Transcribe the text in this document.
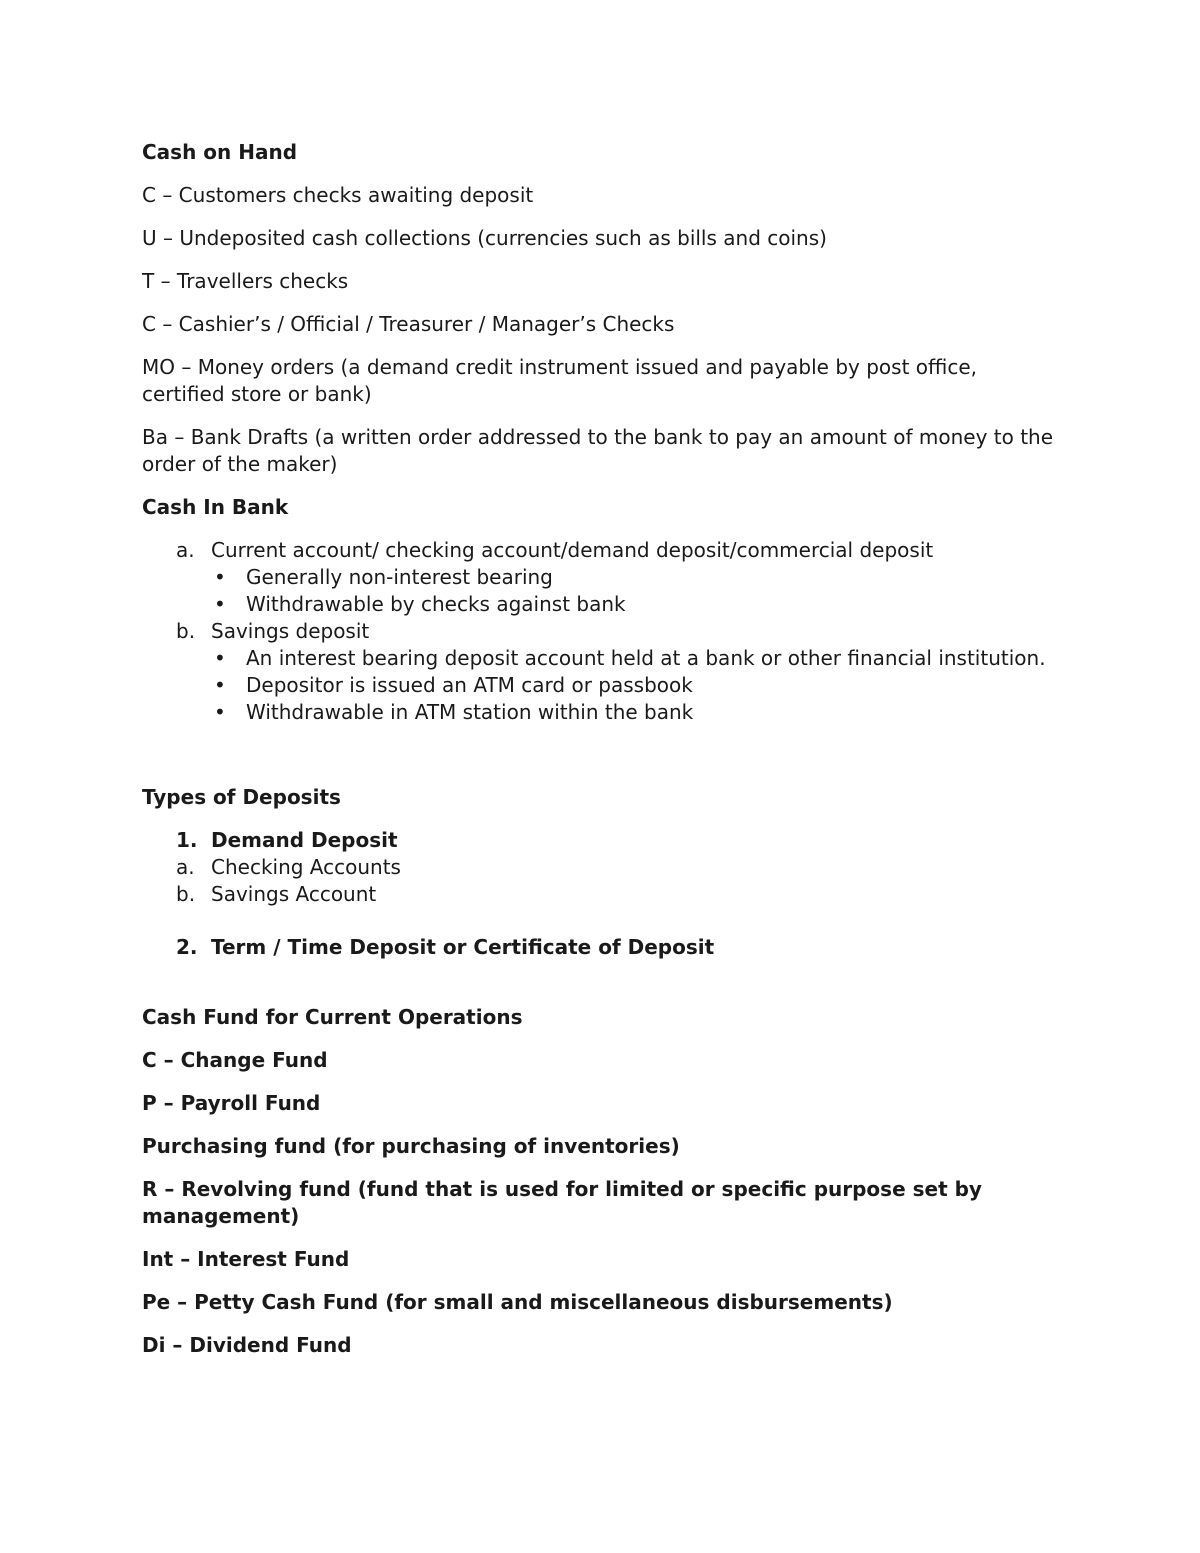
Cash on Hand
C – Customers checks awaiting deposit
U – Undeposited cash collections (currencies such as bills and coins)
T – Travellers checks
C – Cashier’s / Official / Treasurer / Manager’s Checks
MO – Money orders (a demand credit instrument issued and payable by post office, certified store or bank)
Ba – Bank Drafts (a written order addressed to the bank to pay an amount of money to the order of the maker)
Cash In Bank
a. Current account/ checking account/demand deposit/commercial deposit
• Generally non-interest bearing
• Withdrawable by checks against bank
b. Savings deposit
• An interest bearing deposit account held at a bank or other financial institution.
• Depositor is issued an ATM card or passbook
• Withdrawable in ATM station within the bank
Types of Deposits
1. Demand Deposit
a. Checking Accounts
b. Savings Account
2. Term / Time Deposit or Certificate of Deposit
Cash Fund for Current Operations
C – Change Fund
P – Payroll Fund
Purchasing fund (for purchasing of inventories)
R – Revolving fund (fund that is used for limited or specific purpose set by management)
Int – Interest Fund
Pe – Petty Cash Fund (for small and miscellaneous disbursements)
Di – Dividend Fund
